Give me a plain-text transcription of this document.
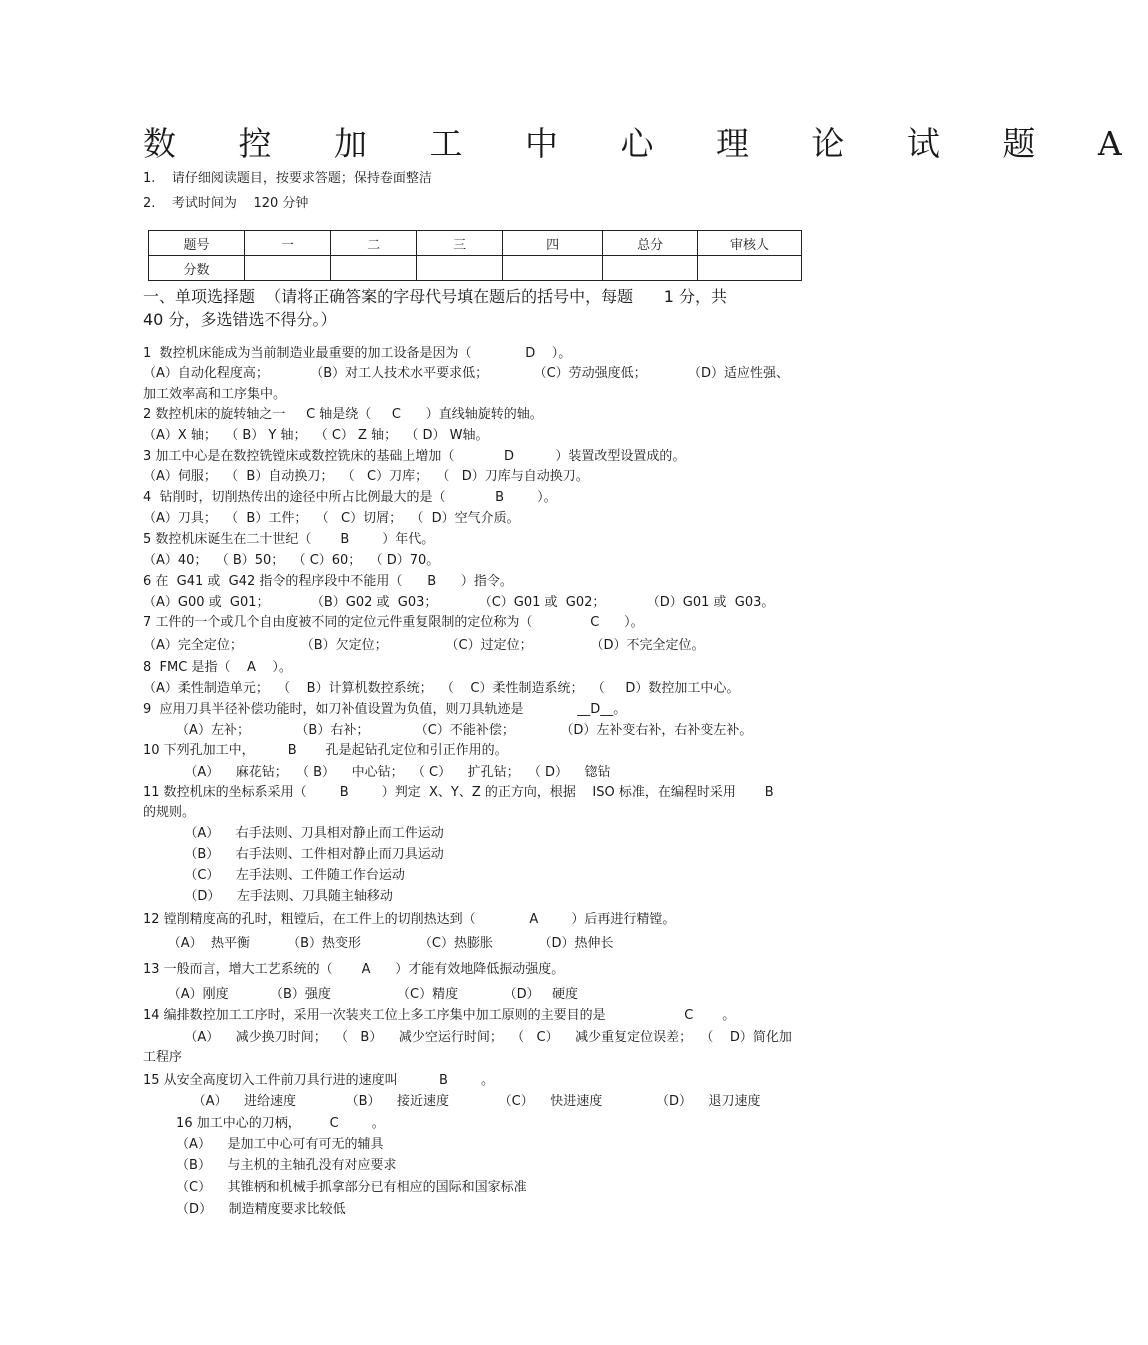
数 控 加 工 中 心 理 论 试 题 A
1.    请仔细阅读题目，按要求答题；保持卷面整洁
2.    考试时间为    120 分钟
题号	一	二	三	四	总分	审核人
分数						
一、单项选择题  （请将正确答案的字母代号填在题后的括号中，每题      1 分，共
40 分，多选错选不得分。）
1  数控机床能成为当前制造业最重要的加工设备是因为（             D    ）。
（A）自动化程度高；          （B）对工人技术水平要求低；           （C）劳动强度低；          （D）适应性强、
加工效率高和工序集中。
2 数控机床的旋转轴之一     C 轴是绕（     C      ）直线轴旋转的轴。
（A）X 轴；  （ B） Y 轴；  （ C） Z 轴；  （ D） W轴。
3 加工中心是在数控铣镗床或数控铣床的基础上增加（            D          ）装置改型设置成的。
（A）伺服；  （  B）自动换刀；  （   C）刀库；  （   D）刀库与自动换刀。
4  钻削时，切削热传出的途径中所占比例最大的是（            B        ）。
（A）刀具；  （  B）工件；  （   C）切屑；  （  D）空气介质。
5 数控机床诞生在二十世纪（       B        ）年代。
（A）40；  （ B）50；  （ C）60；  （ D）70。
6 在  G41 或  G42 指令的程序段中不能用（      B      ）指令。
（A）G00 或  G01；          （B）G02 或  G03；          （C）G01 或  G02；          （D）G01 或  G03。
7 工件的一个或几个自由度被不同的定位元件重复限制的定位称为（              C      ）。
（A）完全定位；              （B）欠定位；              （C）过定位；              （D）不完全定位。
8  FMC 是指（    A    ）。
（A）柔性制造单元；  （    B）计算机数控系统；  （    C）柔性制造系统；  （     D）数控加工中心。
9  应用刀具半径补偿功能时，如刀补值设置为负值，则刀具轨迹是             __D__。
（A）左补；           （B）右补；           （C）不能补偿；           （D）左补变右补，右补变左补。
10 下列孔加工中，        B       孔是起钻孔定位和引正作用的。
（A）    麻花钻；  （ B）    中心钻；  （ C）    扩孔钻；  （ D）    锪钻
11 数控机床的坐标系采用（        B        ）判定  X、Y、Z 的正方向，根据    ISO 标准，在编程时采用       B
的规则。
（A）    右手法则、刀具相对静止而工件运动
（B）    右手法则、工件相对静止而刀具运动
（C）    左手法则、工件随工作台运动
（D）    左手法则、刀具随主轴移动
12 镗削精度高的孔时，粗镗后，在工件上的切削热达到（             A        ）后再进行精镗。
（A）  热平衡         （B）热变形              （C）热膨胀           （D）热伸长
13 一般而言，增大工艺系统的（       A      ）才能有效地降低振动强度。
（A）刚度          （B）强度                （C）精度           （D）   硬度
14 编排数控加工工序时，采用一次装夹工位上多工序集中加工原则的主要目的是                   C       。
（A）    减少换刀时间；  （   B）    减少空运行时间；  （   C）    减少重复定位误差；  （    D）简化加
工程序
15 从安全高度切入工件前刀具行进的速度叫          B        。
（A）    进给速度            （B）    接近速度            （C）    快进速度             （D）    退刀速度
16 加工中心的刀柄，       C        。
（A）    是加工中心可有可无的辅具
（B）    与主机的主轴孔没有对应要求
（C）    其锥柄和机械手抓拿部分已有相应的国际和国家标准
（D）    制造精度要求比较低
